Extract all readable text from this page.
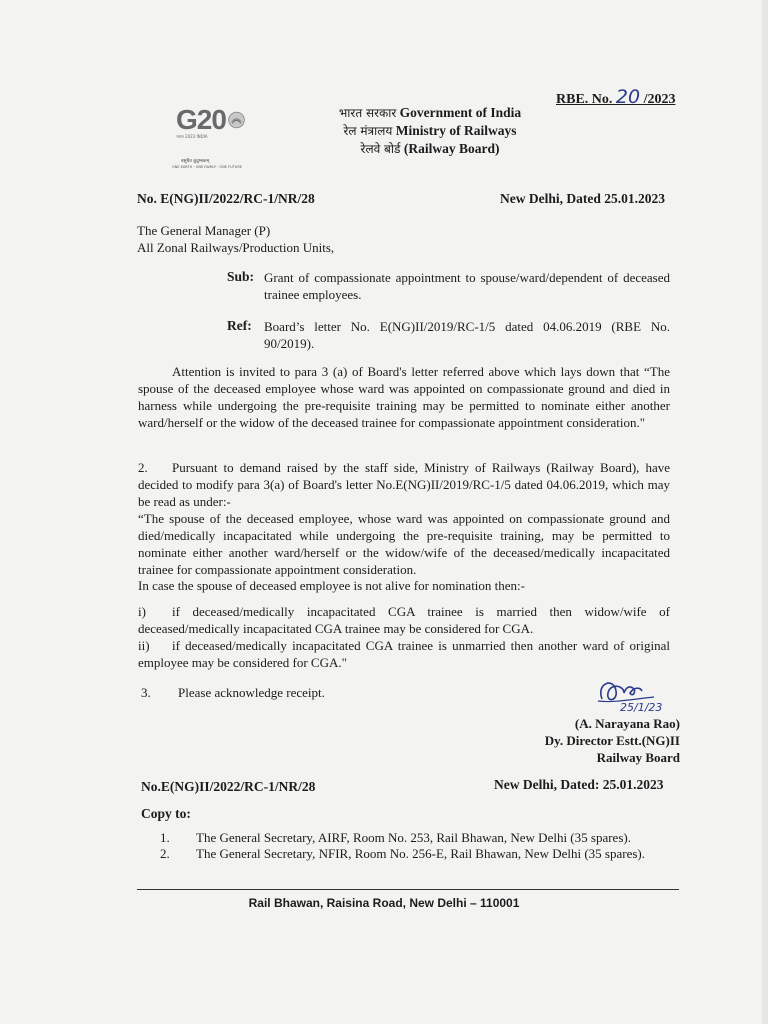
RBE. No. 20 /2023
G20
भारत 2023 INDIA
वसुधैव कुटुम्बकम्
ONE EARTH · ONE FAMILY · ONE FUTURE
भारत सरकार Government of India
रेल मंत्रालय Ministry of Railways
रेलवे बोर्ड (Railway Board)
No. E(NG)II/2022/RC-1/NR/28	New Delhi, Dated 25.01.2023
The General Manager (P)
All Zonal Railways/Production Units,
Sub: Grant of compassionate appointment to spouse/ward/dependent of deceased trainee employees.
Ref: Board’s letter No. E(NG)II/2019/RC-1/5 dated 04.06.2019 (RBE No. 90/2019).
Attention is invited to para 3 (a) of Board's letter referred above which lays down that “The spouse of the deceased employee whose ward was appointed on compassionate ground and died in harness while undergoing the pre-requisite training may be permitted to nominate either another ward/herself or the widow of the deceased trainee for compassionate appointment consideration."
2. Pursuant to demand raised by the staff side, Ministry of Railways (Railway Board), have decided to modify para 3(a) of Board's letter No.E(NG)II/2019/RC-1/5 dated 04.06.2019, which may be read as under:-
“The spouse of the deceased employee, whose ward was appointed on compassionate ground and died/medically incapacitated while undergoing the pre-requisite training, may be permitted to nominate either another ward/herself or the widow/wife of the deceased/medically incapacitated trainee for compassionate appointment consideration.
In case the spouse of deceased employee is not alive for nomination then:-
i) if deceased/medically incapacitated CGA trainee is married then widow/wife of deceased/medically incapacitated CGA trainee may be considered for CGA.
ii) if deceased/medically incapacitated CGA trainee is unmarried then another ward of original employee may be considered for CGA."
3. Please acknowledge receipt.
25/1/23
(A. Narayana Rao)
Dy. Director Estt.(NG)II
Railway Board
No.E(NG)II/2022/RC-1/NR/28	New Delhi, Dated: 25.01.2023
Copy to:
1. The General Secretary, AIRF, Room No. 253, Rail Bhawan, New Delhi (35 spares).
2. The General Secretary, NFIR, Room No. 256-E, Rail Bhawan, New Delhi (35 spares).
Rail Bhawan, Raisina Road, New Delhi – 110001
